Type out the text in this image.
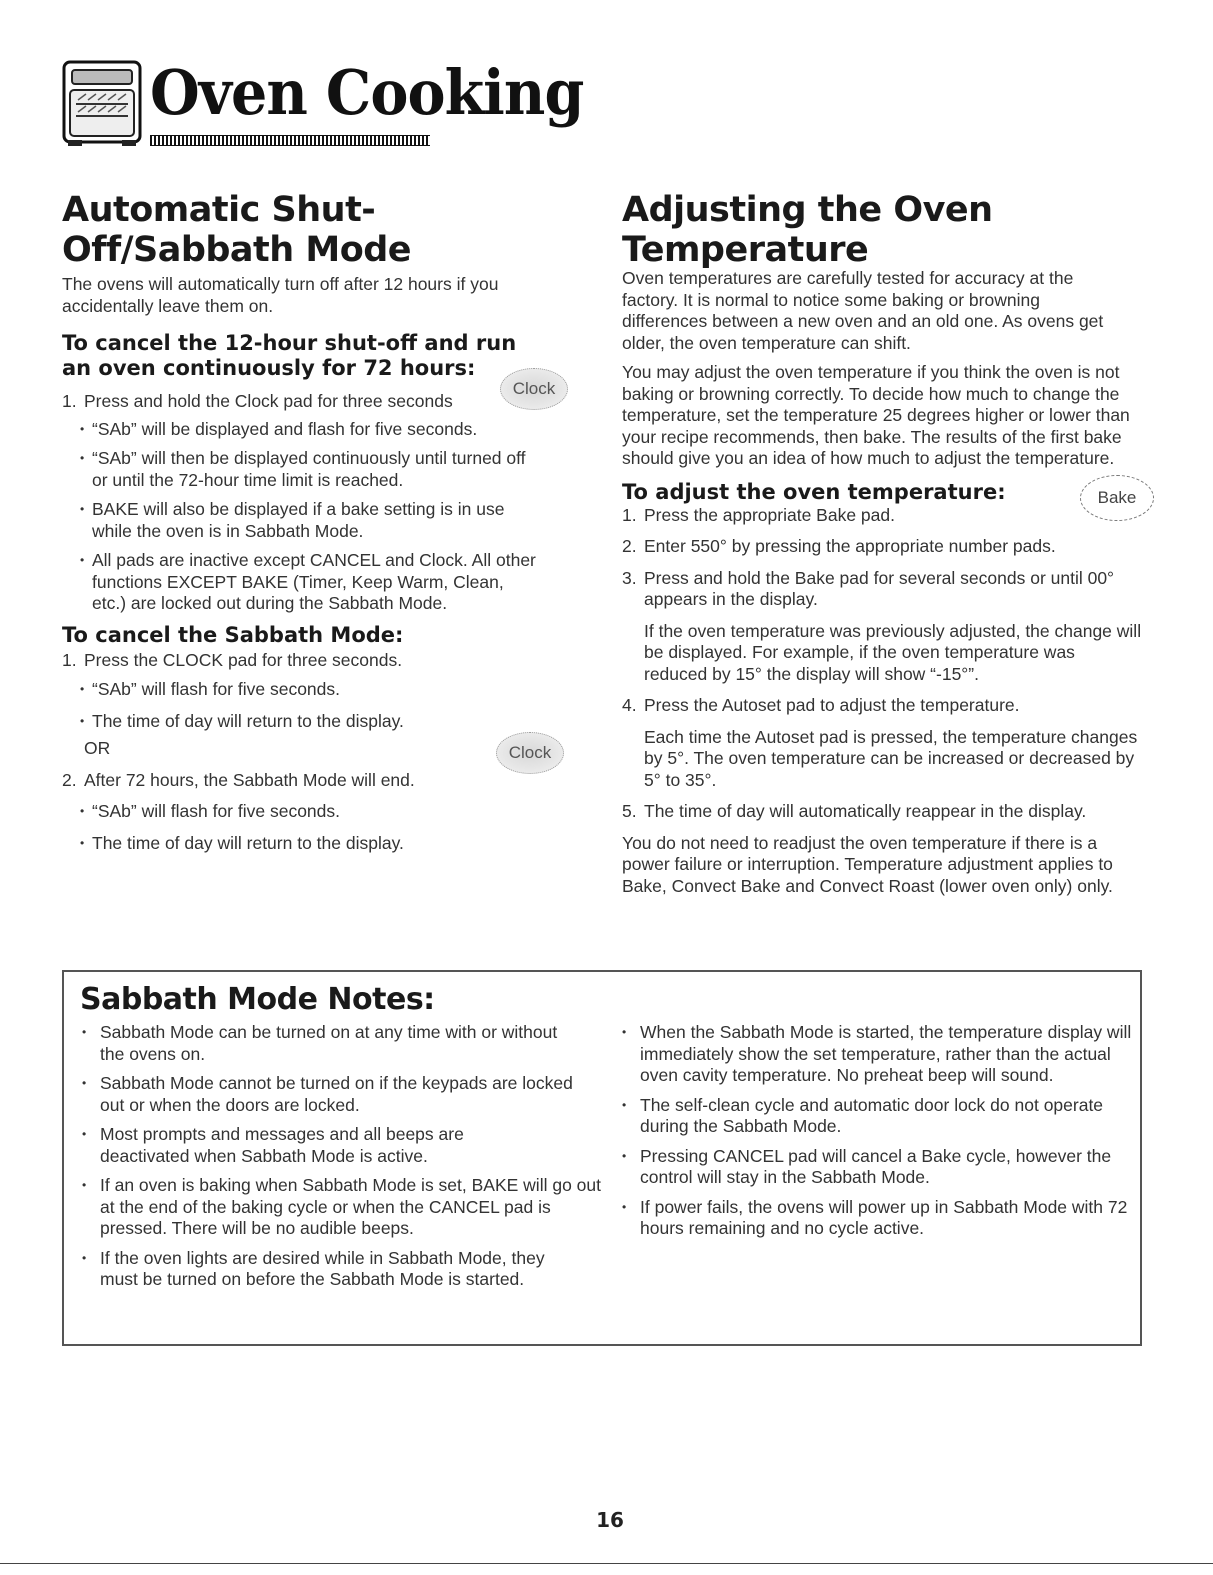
Oven Cooking
Automatic Shut-Off/Sabbath Mode

The ovens will automatically turn off after 12 hours if you accidentally leave them on.

To cancel the 12-hour shut-off and run an oven continuously for 72 hours:
1. Press and hold the Clock pad for three seconds
• “SAb” will be displayed and flash for five seconds.
• “SAb” will then be displayed continuously until turned off or until the 72-hour time limit is reached.
• BAKE will also be displayed if a bake setting is in use while the oven is in Sabbath Mode.
• All pads are inactive except CANCEL and Clock. All other functions EXCEPT BAKE (Timer, Keep Warm, Clean, etc.) are locked out during the Sabbath Mode.
To cancel the Sabbath Mode:
1. Press the CLOCK pad for three seconds.
• “SAb” will flash for five seconds.
• The time of day will return to the display.
OR
2. After 72 hours, the Sabbath Mode will end.
• “SAb” will flash for five seconds.
• The time of day will return to the display.
Clock
Clock
Adjusting the Oven Temperature

Oven temperatures are carefully tested for accuracy at the factory. It is normal to notice some baking or browning differences between a new oven and an old one. As ovens get older, the oven temperature can shift.

You may adjust the oven temperature if you think the oven is not baking or browning correctly. To decide how much to change the temperature, set the temperature 25 degrees higher or lower than your recipe recommends, then bake. The results of the first bake should give you an idea of how much to adjust the temperature.

To adjust the oven temperature:
1. Press the appropriate Bake pad.
2. Enter 550° by pressing the appropriate number pads.
3. Press and hold the Bake pad for several seconds or until 00° appears in the display.
If the oven temperature was previously adjusted, the change will be displayed. For example, if the oven temperature was reduced by 15° the display will show “-15°”.
4. Press the Autoset pad to adjust the temperature.
Each time the Autoset pad is pressed, the temperature changes by 5°. The oven temperature can be increased or decreased by 5° to 35°.
5. The time of day will automatically reappear in the display.

You do not need to readjust the oven temperature if there is a power failure or interruption. Temperature adjustment applies to Bake, Convect Bake and Convect Roast (lower oven only) only.

Bake
Sabbath Mode Notes:
• Sabbath Mode can be turned on at any time with or without the ovens on.
• Sabbath Mode cannot be turned on if the keypads are locked out or when the doors are locked.
• Most prompts and messages and all beeps are deactivated when Sabbath Mode is active.
• If an oven is baking when Sabbath Mode is set, BAKE will go out at the end of the baking cycle or when the CANCEL pad is pressed. There will be no audible beeps.
• If the oven lights are desired while in Sabbath Mode, they must be turned on before the Sabbath Mode is started.
• When the Sabbath Mode is started, the temperature display will immediately show the set temperature, rather than the actual oven cavity temperature. No preheat beep will sound.
• The self-clean cycle and automatic door lock do not operate during the Sabbath Mode.
• Pressing CANCEL pad will cancel a Bake cycle, however the control will stay in the Sabbath Mode.
• If power fails, the ovens will power up in Sabbath Mode with 72 hours remaining and no cycle active.
16
